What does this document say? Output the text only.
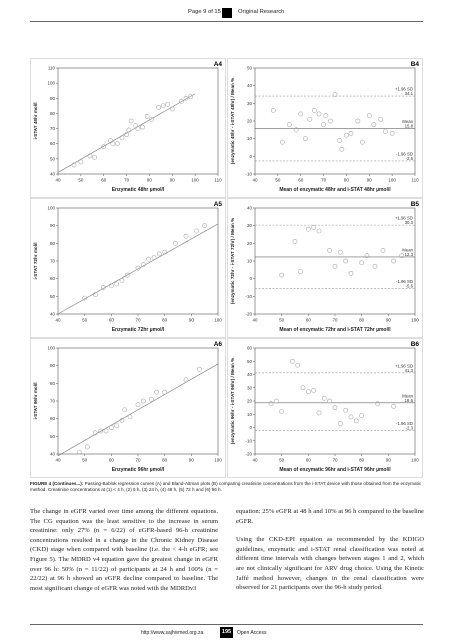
Page 9 of 15	Original Research
A4
40	50	60	70	80	90	100	110
40
50
60
70
80
90
100
110
Enzymatic 48hr µmol/l
i-STAT 48hr mol/l
B4
40	50	60	70	80	90	100	110
-10
0
10
20
30
40
50
Mean of enzymatic 48hr and i-STAT 48hr µmol/l
(enzymatic 48hr - i-STAT 48hr) / Mean %	+1.96 SD
34.1
Mean
15.8
-1.96 SD
-2.6
A5
40	50	60	70	80	90	100
40
50
60
70
80
90
100
Enzymatic 72hr µmol/l
i-STAT 72hr mol/l
B5
40	50	60	70	80	90	100
-20
-10
0
10
20
30
40
Mean of enzymatic 72hr and i-STAT 72hr µmol/l
(enzymatic 72hr - i-STAT 72hr) / Mean %	+1.96 SD
30.3
Mean
12.3
-1.96 SD
-5.6
A6
40	50	60	70	80	90	100
40
50
60
70
80
90
100
Enzymatic 96hr µmol/l
i-STAT 96hr mol/l
B6
40	50	60	70	80	90	100
-20
-10
0
10
20
30
40
50
60
Mean of enzymatic 96hr and i-STAT 96hr µmol/l
(enzymatic 96hr - i-STAT 96hr) / Mean %	+1.96 SD
41.3
Mean
18.6
-1.96 SD
-2.3
FIGURE 4 (Continues...): Passing-Bablok regression curves (A) and Bland-Altman plots (B) comparing creatinine concentrations from the i-STAT device with those obtained from the enzymatic method. Creatinine concentrations at (1) < 4 h, (2) 6 h, (3) 24 h, (4) 48 h, (5) 72 h and (6) 96 h.

The change in eGFR varied over time among the different equations. The CG equation was the least sensitive to the increase in serum creatinine: only 27% (n = 6/22) of eGFR-based 96-h creatinine concentrations resulted in a change in the Chronic Kidney Disease (CKD) stage when compared with baseline (i.e. the < 4-h eGFR; see Figure 5). The MDRD v4 equation gave the greatest change in eGFR over 96 h: 50% (n = 11/22) of participants at 24 h and 100% (n = 22/22) at 96 h showed an eGFR decline compared to baseline. The most significant change of eGFR was noted with the MDRDv3

equation: 25% eGFR at 48 h and 10% at 96 h compared to the baseline eGFR.

Using the CKD-EPI equation as recommended by the KDIGO guidelines, enzymatic and i-STAT renal classification was noted at different time intervals with changes between stages 1 and 2, which are not clinically significant for ARV drug choice. Using the Kinetic Jaffé method however, changes in the renal classification were observed for 21 participants over the 96-h study period.

http://www.sajhivmed.org.za	195	Open Access
